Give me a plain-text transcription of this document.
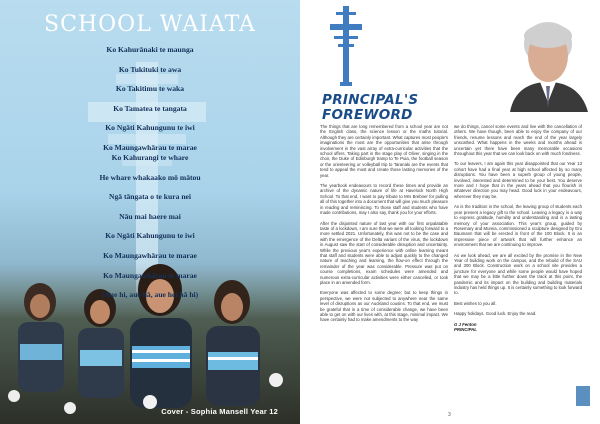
SCHOOL WAIATA
Ko Kahurānaki te maunga
Ko Tukituki te awa
Ko Takitimu te waka
Ko Tamatea te tangata
Ko Ngāti Kahungunu te iwi
Ko Maungawhārau te marae
Ko Kahurangi te whare
He whare whakaako mō mātou
Ngā tāngata o te kura nei
Nāu mai haere mai
Ko Ngāti Kahungunu te iwi
Ko Maungawhārau te marae
Ko Maungawhārau te marae
(Aue hi, aue hā, aue hei hā hi)
Cover - Sophia Mansell Year 12
PRINCIPAL'S
FOREWORD

The things that are long remembered from a school year are not the English class, the science lesson or the maths tutorial. Although they are certainly important. What captures most people's imaginations the most are the opportunities that arise through involvement in the vast array of extra-curricular activities that the school offers. Taking part in the stage play of Oliver, singing in the choir, the Duke of Edinburgh tramp to Te Puia, the football season or the orienteering or volleyball trip to Taranaki are the events that tend to appeal the most and create those lasting memories of the year.

The yearbook endeavours to record these times and provide an archive of the dynamic nature of life at Havelock North High School. To that end, I want to pay tribute to Mrs Brebner for pulling all of this together into a document that will give you much pleasure in reading and reminiscing. To those staff and students who have made contributions, may I also say, thank you for your efforts.

After the disjointed nature of last year with our first unpalatable taste of a lockdown, I am sure that we were all looking forward to a more settled 2021. Unfortunately, this was not to be the case and with the emergence of the Delta variant of the virus, the lockdown in August saw the start of considerable disruption and uncertainty. While the previous year's experience with online learning meant that staff and students were able to adjust quickly to the changed nature of teaching and learning, the flow-on effect through the remainder of the year was considerable. Pressure was put on course completions, exam schedules were amended and numerous extra-curricular activities were either cancelled, or took place in an amended form.

Everyone was affected to some degree; but to keep things in perspective, we were not subjected to anywhere near the same level of disruptions as our Auckland cousins. To that end, we must be grateful that in a time of considerable change, we have been able to get on with our lives with, at this stage, minimal impact. We have certainly had to make amendments to the way

we do things, cancel some events and live with the cancellation of others. We have though, been able to enjoy the company of our friends, resume lessons and reach the end of the year largely unscathed. What happens in the weeks and months ahead is uncertain yet there have been many memorable occasions throughout this year that we can look back on with much fondness.

To our leavers, I am again this year disappointed that our Year 13 cohort have had a final year at high school affected by so many disruptions. You have been a superb group of young people, involved, interested and determined to be your best. You deserve more and I hope that in the years ahead that you flourish in whatever direction you may head. Good luck in your endeavours, wherever they may be.

As is the tradition in the school, the leaving group of students each year present a legacy gift to the school. Leaving a legacy is a way to express gratitude, humility and understanding and is a lasting memory of your association. This year's group, guided by Rosemary and Mureia, commissioned a sculpture designed by Eru Baumann that will be erected in front of the 100 Block. It is an impressive piece of artwork that will further enhance an environment that we are continuing to improve.

As we look ahead, we are all excited by the promise in the New Year of building work on the campus, and the rebuild of the SAU and 300 Block. Construction work on a school site provides a juncture for everyone and while some people would have hoped that we may be a little further down the track at this point, the pandemic and its impact on the building and building materials industry has held things up. It is certainly something to look forward to.

Best wishes to you all.

Happy holidays. Good luck. Enjoy the read.

G J Fenton
PRINCIPAL

3
